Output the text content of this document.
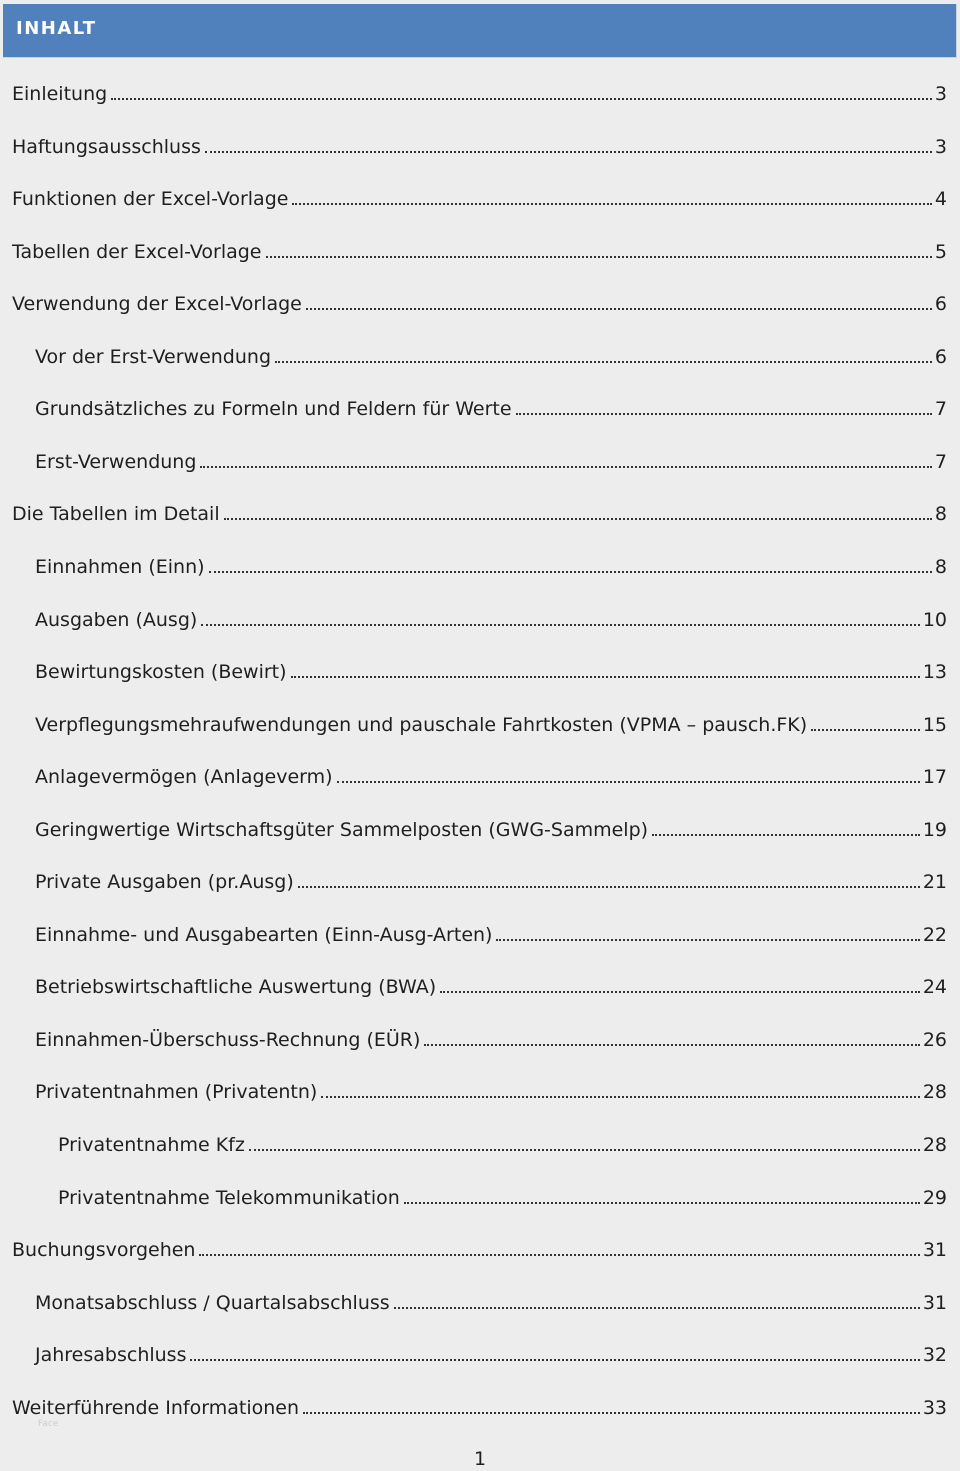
INHALT
Einleitung	3
Haftungsausschluss	3
Funktionen der Excel-Vorlage	4
Tabellen der Excel-Vorlage	5
Verwendung der Excel-Vorlage	6
Vor der Erst-Verwendung	6
Grundsätzliches zu Formeln und Feldern für Werte	7
Erst-Verwendung	7
Die Tabellen im Detail	8
Einnahmen (Einn)	8
Ausgaben (Ausg)	10
Bewirtungskosten (Bewirt)	13
Verpflegungsmehraufwendungen und pauschale Fahrtkosten (VPMA – pausch.FK)	15
Anlagevermögen (Anlageverm)	17
Geringwertige Wirtschaftsgüter Sammelposten (GWG-Sammelp)	19
Private Ausgaben (pr.Ausg)	21
Einnahme- und Ausgabearten (Einn-Ausg-Arten)	22
Betriebswirtschaftliche Auswertung (BWA)	24
Einnahmen-Überschuss-Rechnung (EÜR)	26
Privatentnahmen (Privatentn)	28
Privatentnahme Kfz	28
Privatentnahme Telekommunikation	29
Buchungsvorgehen	31
Monatsabschluss / Quartalsabschluss	31
Jahresabschluss	32
Weiterführende Informationen	33
Face
1
